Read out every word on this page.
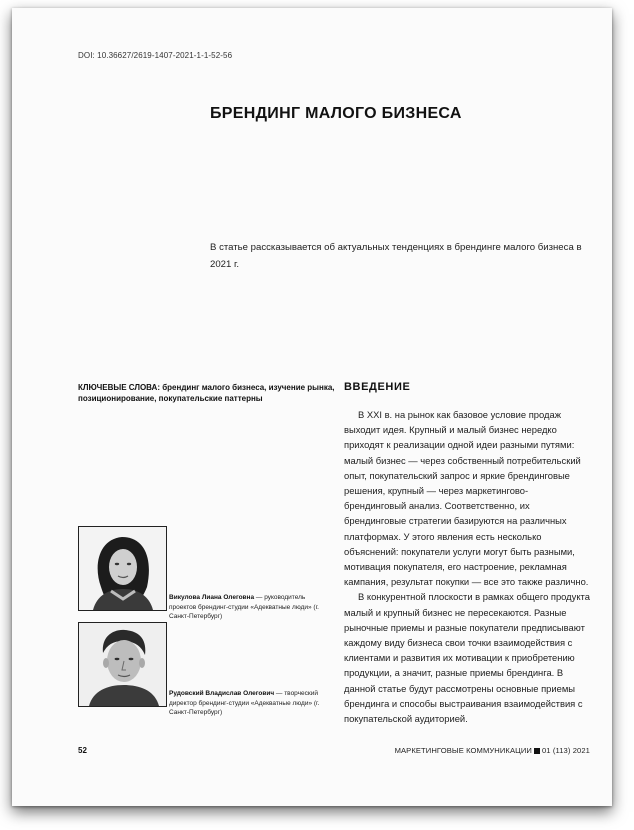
DOI: 10.36627/2619-1407-2021-1-1-52-56
БРЕНДИНГ МАЛОГО БИЗНЕСА
В статье рассказывается об актуальных тенденциях в брендинге малого бизнеса в 2021 г.
КЛЮЧЕВЫЕ СЛОВА: брендинг малого бизнеса, изучение рынка, позиционирование, покупательские паттерны
ВВЕДЕНИЕ

В XXI в. на рынок как базовое условие продаж выходит идея. Крупный и малый бизнес нередко приходят к реализации одной идеи разными путями: малый бизнес — через собственный потребительский опыт, покупательский запрос и яркие брендинговые решения, крупный — через маркетингово-брендинговый анализ. Соответственно, их брендинговые стратегии базируются на различных платформах. У этого явления есть несколько объяснений: покупатели услуги могут быть разными, мотивация покупателя, его настроение, рекламная кампания, результат покупки — все это также различно.

В конкурентной плоскости в рамках общего продукта малый и крупный бизнес не пересекаются. Разные рыночные приемы и разные покупатели предписывают каждому виду бизнеса свои точки взаимодействия с клиентами и развития их мотивации к приобретению продукции, а значит, разные приемы брендинга. В данной статье будут рассмотрены основные приемы брендинга и способы выстраивания взаимодействия с покупательской аудиторией.

Викулова Лиана Олеговна — руководитель проектов брендинг-студии «Адекватные люди» (г. Санкт-Петербург)
Рудовский Владислав Олегович — творческий директор брендинг-студии «Адекватные люди» (г. Санкт-Петербург)
52	МАРКЕТИНГОВЫЕ КОММУНИКАЦИИ 01 (113) 2021
